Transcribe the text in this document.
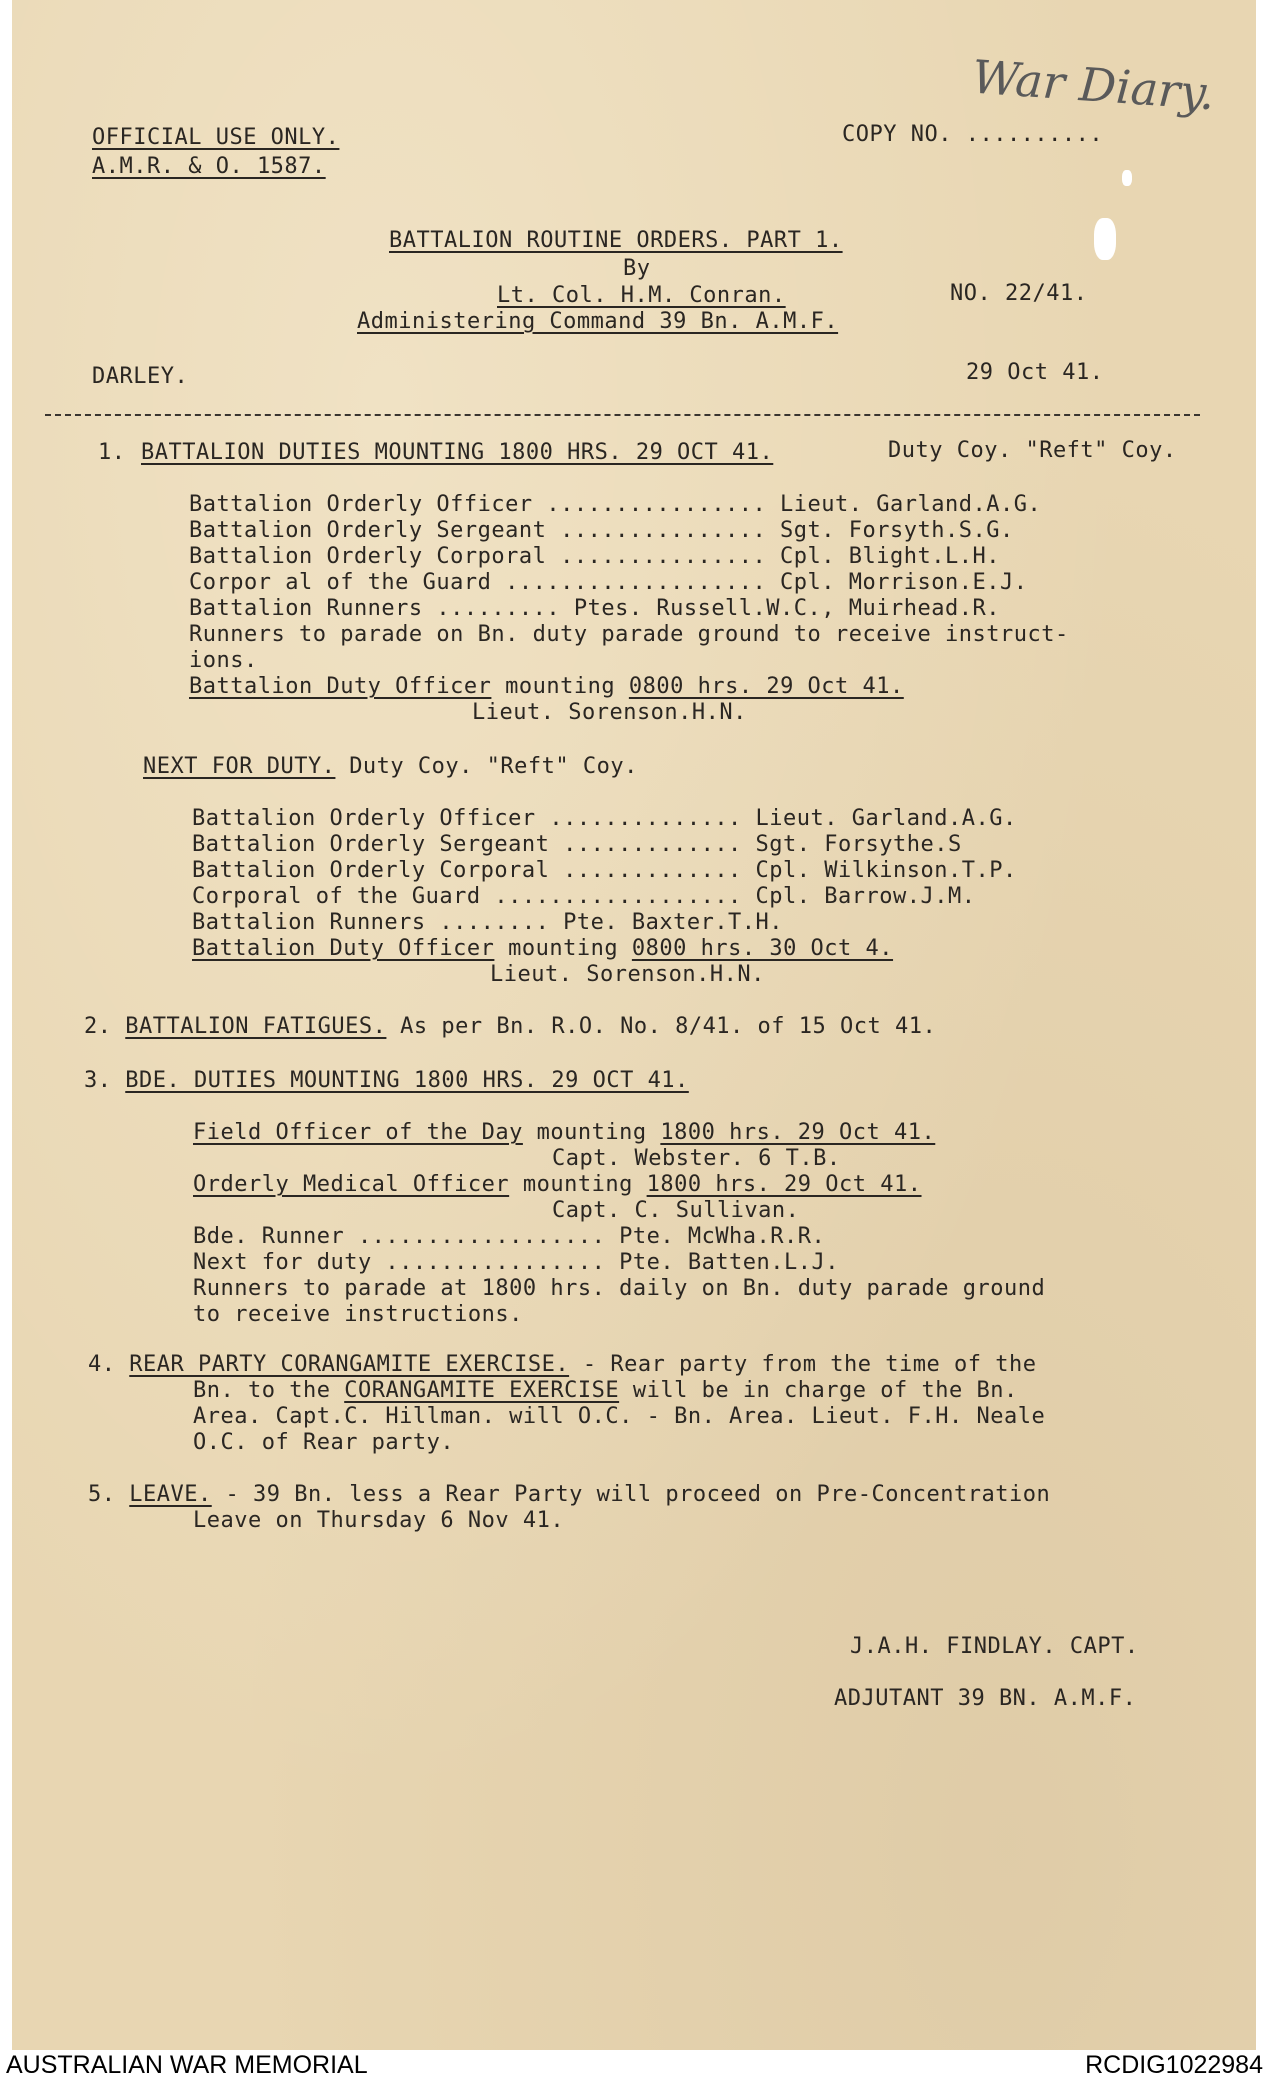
War Diary.
OFFICIAL USE ONLY.
A.M.R. & O. 1587.
COPY NO. ..........
BATTALION ROUTINE ORDERS. PART 1.
By
Lt. Col. H.M. Conran.	NO. 22/41.
Administering Command 39 Bn. A.M.F.
DARLEY.	29 Oct 41.
1. BATTALION DUTIES MOUNTING 1800 HRS. 29 OCT 41.	Duty Coy. "Reft" Coy.
Battalion Orderly Officer ................ Lieut. Garland.A.G.
Battalion Orderly Sergeant ............... Sgt. Forsyth.S.G.
Battalion Orderly Corporal ............... Cpl. Blight.L.H.
Corpor al of the Guard ................... Cpl. Morrison.E.J.
Battalion Runners ......... Ptes. Russell.W.C., Muirhead.R.
Runners to parade on Bn. duty parade ground to receive instruct-
ions.
Battalion Duty Officer mounting 0800 hrs. 29 Oct 41.
Lieut. Sorenson.H.N.
NEXT FOR DUTY. Duty Coy. "Reft" Coy.
Battalion Orderly Officer .............. Lieut. Garland.A.G.
Battalion Orderly Sergeant ............. Sgt. Forsythe.S
Battalion Orderly Corporal ............. Cpl. Wilkinson.T.P.
Corporal of the Guard .................. Cpl. Barrow.J.M.
Battalion Runners ........ Pte. Baxter.T.H.
Battalion Duty Officer mounting 0800 hrs. 30 Oct 4.
Lieut. Sorenson.H.N.
2. BATTALION FATIGUES. As per Bn. R.O. No. 8/41. of 15 Oct 41.
3. BDE. DUTIES MOUNTING 1800 HRS. 29 OCT 41.
Field Officer of the Day mounting 1800 hrs. 29 Oct 41.
Capt. Webster. 6 T.B.
Orderly Medical Officer mounting 1800 hrs. 29 Oct 41.
Capt. C. Sullivan.
Bde. Runner .................. Pte. McWha.R.R.
Next for duty ................ Pte. Batten.L.J.
Runners to parade at 1800 hrs. daily on Bn. duty parade ground
to receive instructions.
4. REAR PARTY CORANGAMITE EXERCISE. - Rear party from the time of the
Bn. to the CORANGAMITE EXERCISE will be in charge of the Bn.
Area. Capt.C. Hillman. will O.C. - Bn. Area. Lieut. F.H. Neale
O.C. of Rear party.
5. LEAVE. - 39 Bn. less a Rear Party will proceed on Pre-Concentration
Leave on Thursday 6 Nov 41.
J.A.H. FINDLAY. CAPT.
ADJUTANT 39 BN. A.M.F.
AUSTRALIAN WAR MEMORIAL	RCDIG1022984
